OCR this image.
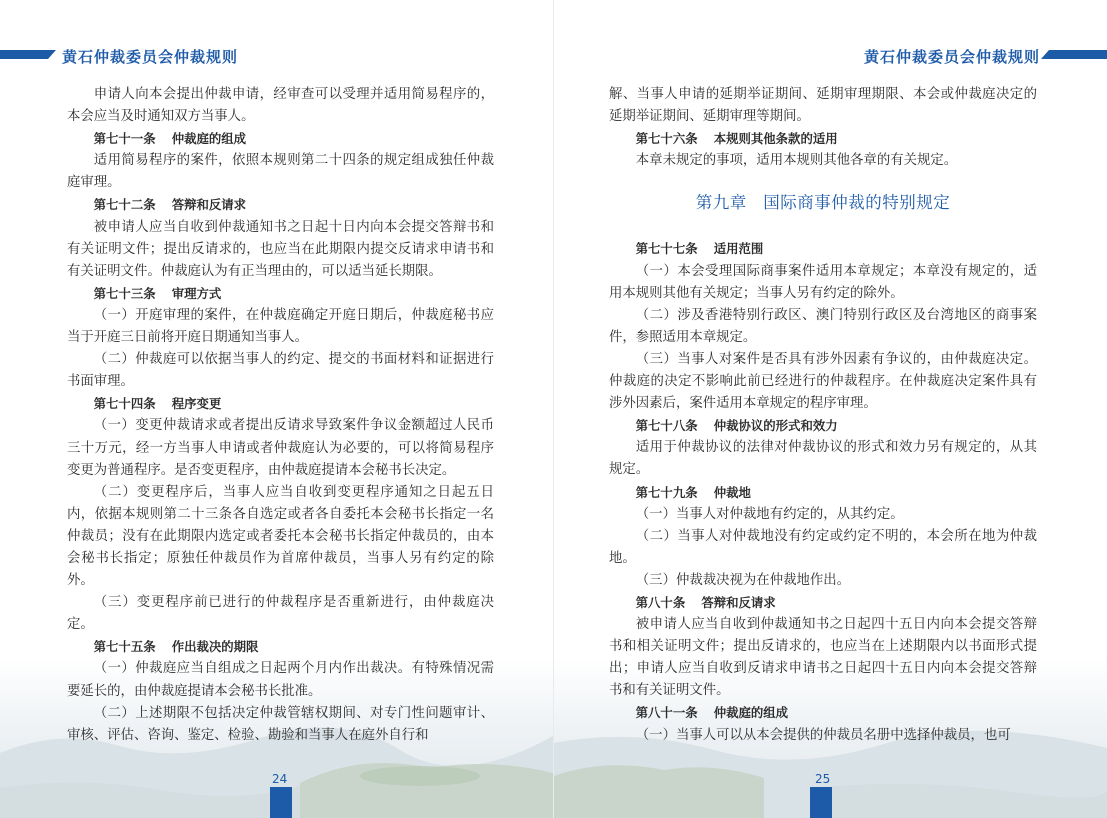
黄石仲裁委员会仲裁规则

申请人向本会提出仲裁申请，经审查可以受理并适用简易程序的，本会应当及时通知双方当事人。

第七十一条 仲裁庭的组成

适用简易程序的案件，依照本规则第二十四条的规定组成独任仲裁庭审理。

第七十二条 答辩和反请求

被申请人应当自收到仲裁通知书之日起十日内向本会提交答辩书和有关证明文件；提出反请求的，也应当在此期限内提交反请求申请书和有关证明文件。仲裁庭认为有正当理由的，可以适当延长期限。

第七十三条 审理方式

（一）开庭审理的案件，在仲裁庭确定开庭日期后，仲裁庭秘书应当于开庭三日前将开庭日期通知当事人。

（二）仲裁庭可以依据当事人的约定、提交的书面材料和证据进行书面审理。

第七十四条 程序变更

（一）变更仲裁请求或者提出反请求导致案件争议金额超过人民币三十万元，经一方当事人申请或者仲裁庭认为必要的，可以将简易程序变更为普通程序。是否变更程序，由仲裁庭提请本会秘书长决定。

（二）变更程序后，当事人应当自收到变更程序通知之日起五日内，依据本规则第二十三条各自选定或者各自委托本会秘书长指定一名仲裁员；没有在此期限内选定或者委托本会秘书长指定仲裁员的，由本会秘书长指定；原独任仲裁员作为首席仲裁员，当事人另有约定的除外。

（三）变更程序前已进行的仲裁程序是否重新进行，由仲裁庭决定。

第七十五条 作出裁决的期限

（一）仲裁庭应当自组成之日起两个月内作出裁决。有特殊情况需要延长的，由仲裁庭提请本会秘书长批准。

（二）上述期限不包括决定仲裁管辖权期间、对专门性问题审计、审核、评估、咨询、鉴定、检验、勘验和当事人在庭外自行和

24
黄石仲裁委员会仲裁规则

解、当事人申请的延期举证期间、延期审理期限、本会或仲裁庭决定的延期举证期间、延期审理等期间。

第七十六条 本规则其他条款的适用

本章未规定的事项，适用本规则其他各章的有关规定。

第九章 国际商事仲裁的特别规定

第七十七条 适用范围

（一）本会受理国际商事案件适用本章规定；本章没有规定的，适用本规则其他有关规定；当事人另有约定的除外。

（二）涉及香港特别行政区、澳门特别行政区及台湾地区的商事案件，参照适用本章规定。

（三）当事人对案件是否具有涉外因素有争议的，由仲裁庭决定。仲裁庭的决定不影响此前已经进行的仲裁程序。在仲裁庭决定案件具有涉外因素后，案件适用本章规定的程序审理。

第七十八条 仲裁协议的形式和效力

适用于仲裁协议的法律对仲裁协议的形式和效力另有规定的，从其规定。

第七十九条 仲裁地

（一）当事人对仲裁地有约定的，从其约定。

（二）当事人对仲裁地没有约定或约定不明的，本会所在地为仲裁地。

（三）仲裁裁决视为在仲裁地作出。

第八十条 答辩和反请求

被申请人应当自收到仲裁通知书之日起四十五日内向本会提交答辩书和相关证明文件；提出反请求的，也应当在上述期限内以书面形式提出；申请人应当自收到反请求申请书之日起四十五日内向本会提交答辩书和有关证明文件。

第八十一条 仲裁庭的组成

（一）当事人可以从本会提供的仲裁员名册中选择仲裁员，也可

25
